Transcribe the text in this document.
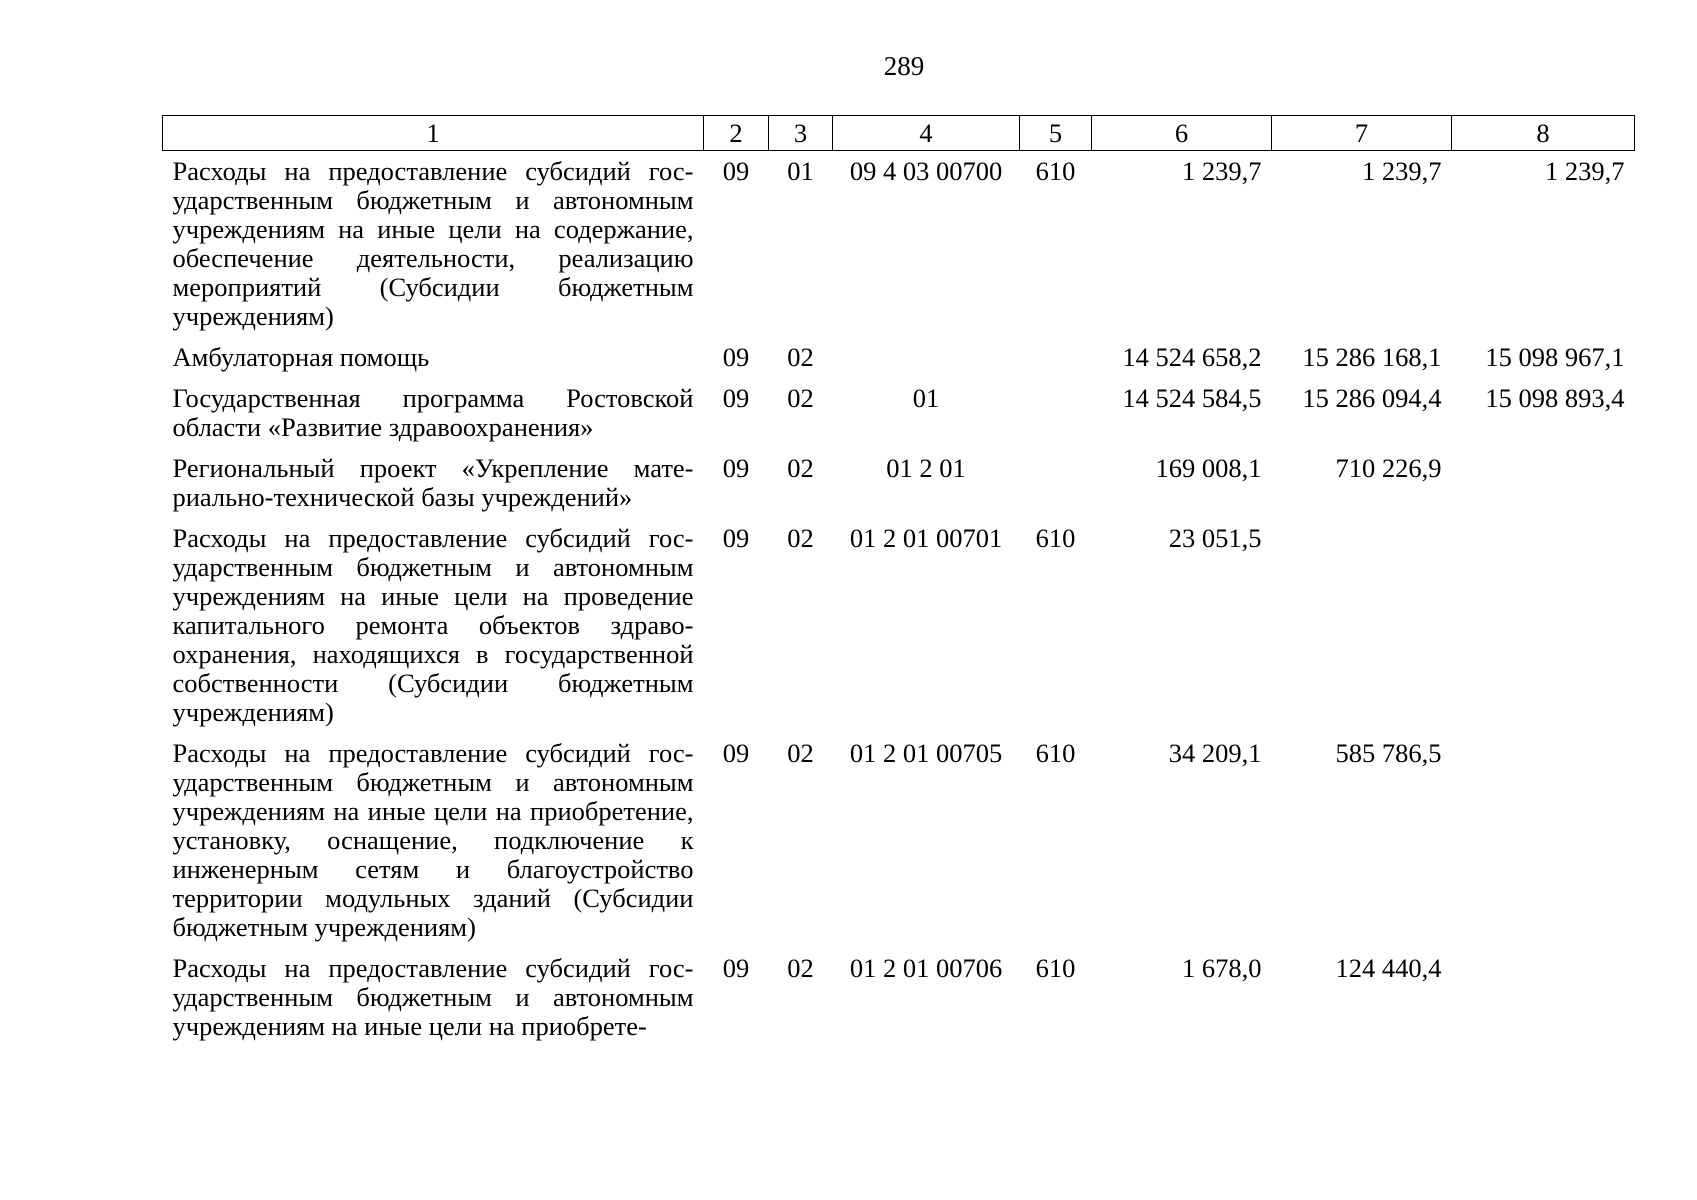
289
1	2	3	4	5	6	7	8
Расходы на предоставление субсидий государственным бюджетным и автономным учреждениям на иные цели на содержание, обеспечение деятельности, реализацию мероприятий (Субсидии бюджетным учреждениям)	09	01	09 4 03 00700	610	1 239,7	1 239,7	1 239,7
Амбулаторная помощь	09	02			14 524 658,2	15 286 168,1	15 098 967,1
Государственная программа Ростовской области «Развитие здравоохранения»	09	02	01		14 524 584,5	15 286 094,4	15 098 893,4
Региональный проект «Укрепление материально-технической базы учреждений»	09	02	01 2 01		169 008,1	710 226,9	
Расходы на предоставление субсидий государственным бюджетным и автономным учреждениям на иные цели на проведение капитального ремонта объектов здравоохранения, находящихся в государственной собственности (Субсидии бюджетным учреждениям)	09	02	01 2 01 00701	610	23 051,5		
Расходы на предоставление субсидий государственным бюджетным и автономным учреждениям на иные цели на приобретение, установку, оснащение, подключение к инженерным сетям и благоустройство территории модульных зданий (Субсидии бюджетным учреждениям)	09	02	01 2 01 00705	610	34 209,1	585 786,5	
Расходы на предоставление субсидий государственным бюджетным и автономным учреждениям на иные цели на приобрете-	09	02	01 2 01 00706	610	1 678,0	124 440,4	
